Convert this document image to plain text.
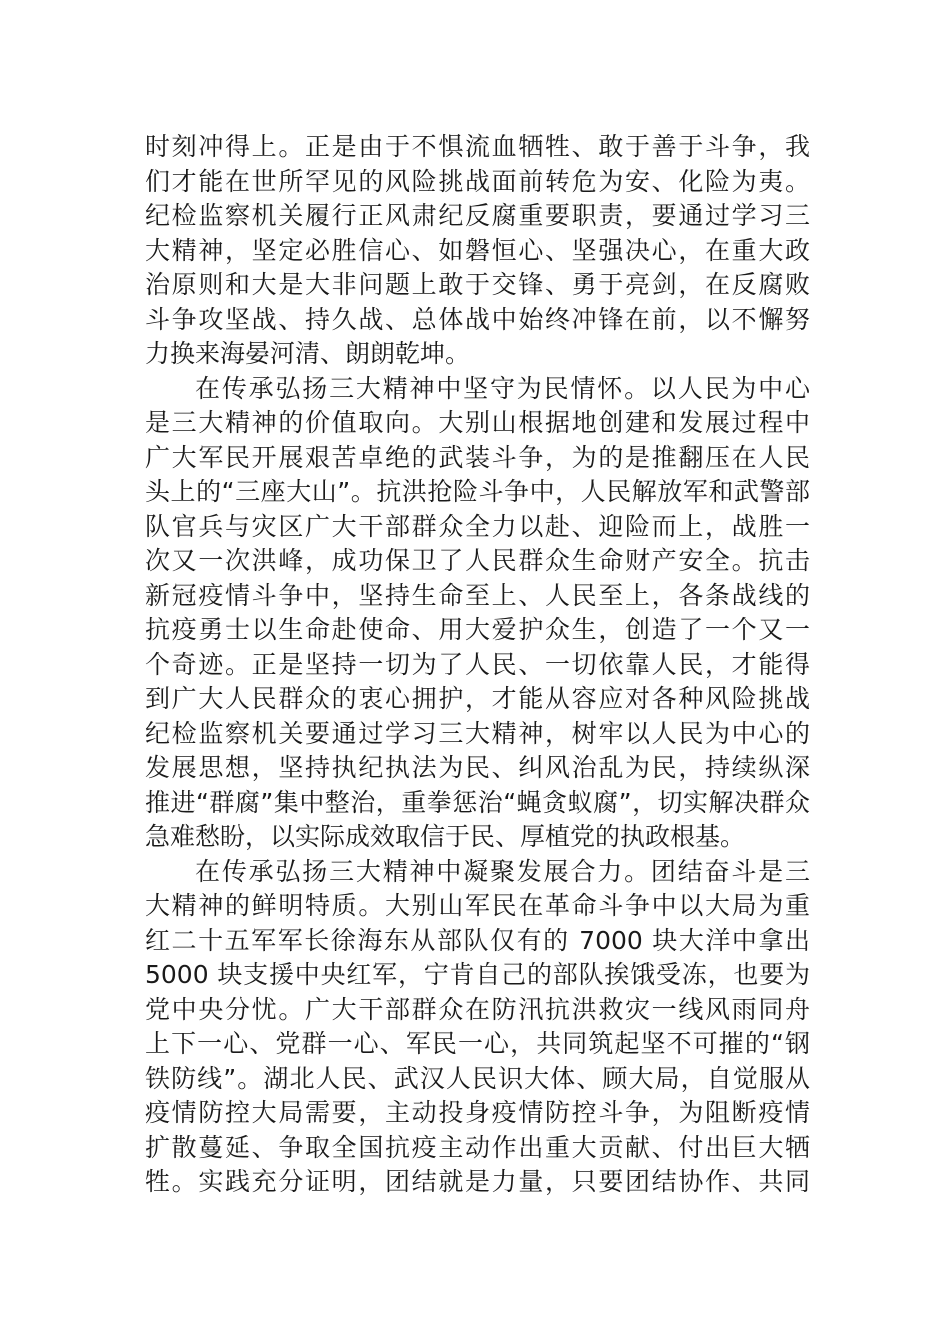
时刻冲得上。正是由于不惧流血牺牲、敢于善于斗争，我
们才能在世所罕见的风险挑战面前转危为安、化险为夷。
纪检监察机关履行正风肃纪反腐重要职责，要通过学习三
大精神，坚定必胜信心、如磐恒心、坚强决心，在重大政
治原则和大是大非问题上敢于交锋、勇于亮剑，在反腐败
斗争攻坚战、持久战、总体战中始终冲锋在前，以不懈努
力换来海晏河清、朗朗乾坤。
在传承弘扬三大精神中坚守为民情怀。以人民为中心
是三大精神的价值取向。大别山根据地创建和发展过程中
广大军民开展艰苦卓绝的武装斗争，为的是推翻压在人民
头上的“三座大山”。抗洪抢险斗争中，人民解放军和武警部
队官兵与灾区广大干部群众全力以赴、迎险而上，战胜一
次又一次洪峰，成功保卫了人民群众生命财产安全。抗击
新冠疫情斗争中，坚持生命至上、人民至上，各条战线的
抗疫勇士以生命赴使命、用大爱护众生，创造了一个又一
个奇迹。正是坚持一切为了人民、一切依靠人民，才能得
到广大人民群众的衷心拥护，才能从容应对各种风险挑战
纪检监察机关要通过学习三大精神，树牢以人民为中心的
发展思想，坚持执纪执法为民、纠风治乱为民，持续纵深
推进“群腐”集中整治，重拳惩治“蝇贪蚁腐”，切实解决群众
急难愁盼，以实际成效取信于民、厚植党的执政根基。
在传承弘扬三大精神中凝聚发展合力。团结奋斗是三
大精神的鲜明特质。大别山军民在革命斗争中以大局为重
红二十五军军长徐海东从部队仅有的 7000 块大洋中拿出
5000 块支援中央红军，宁肯自己的部队挨饿受冻，也要为
党中央分忧。广大干部群众在防汛抗洪救灾一线风雨同舟
上下一心、党群一心、军民一心，共同筑起坚不可摧的“钢
铁防线”。湖北人民、武汉人民识大体、顾大局，自觉服从
疫情防控大局需要，主动投身疫情防控斗争，为阻断疫情
扩散蔓延、争取全国抗疫主动作出重大贡献、付出巨大牺
牲。实践充分证明，团结就是力量，只要团结协作、共同
